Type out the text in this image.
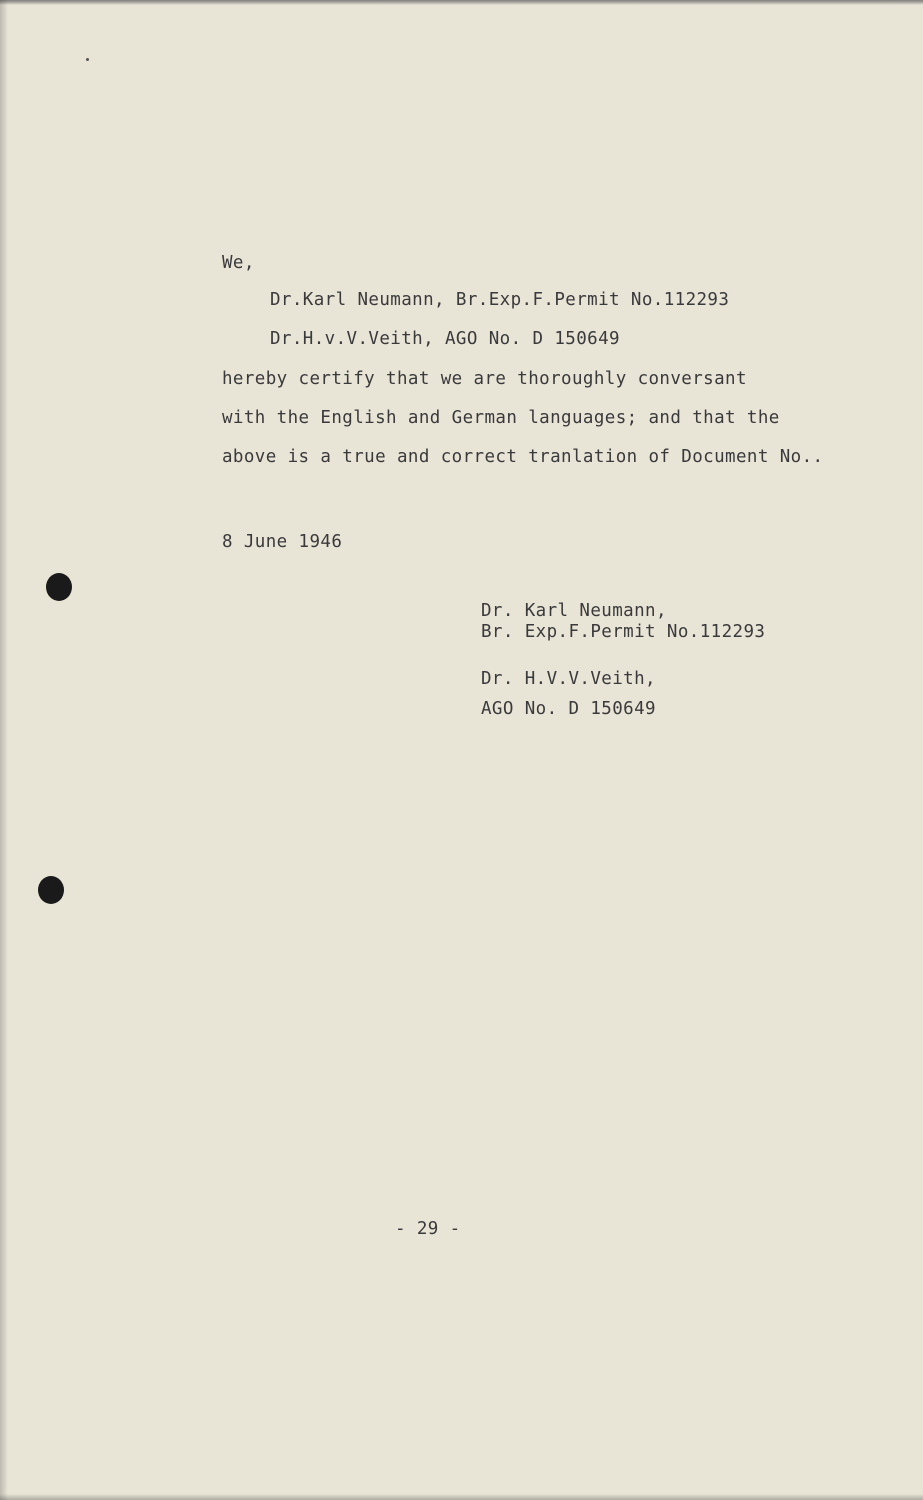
We,
Dr.Karl Neumann, Br.Exp.F.Permit No.112293
Dr.H.v.V.Veith, AGO No. D 150649
hereby certify that we are thoroughly conversant
with the English and German languages; and that the
above is a true and correct tranlation of Document No..
8 June 1946
Dr. Karl Neumann,
Br. Exp.F.Permit No.112293
Dr. H.V.V.Veith,
AGO No. D 150649
- 29 -
